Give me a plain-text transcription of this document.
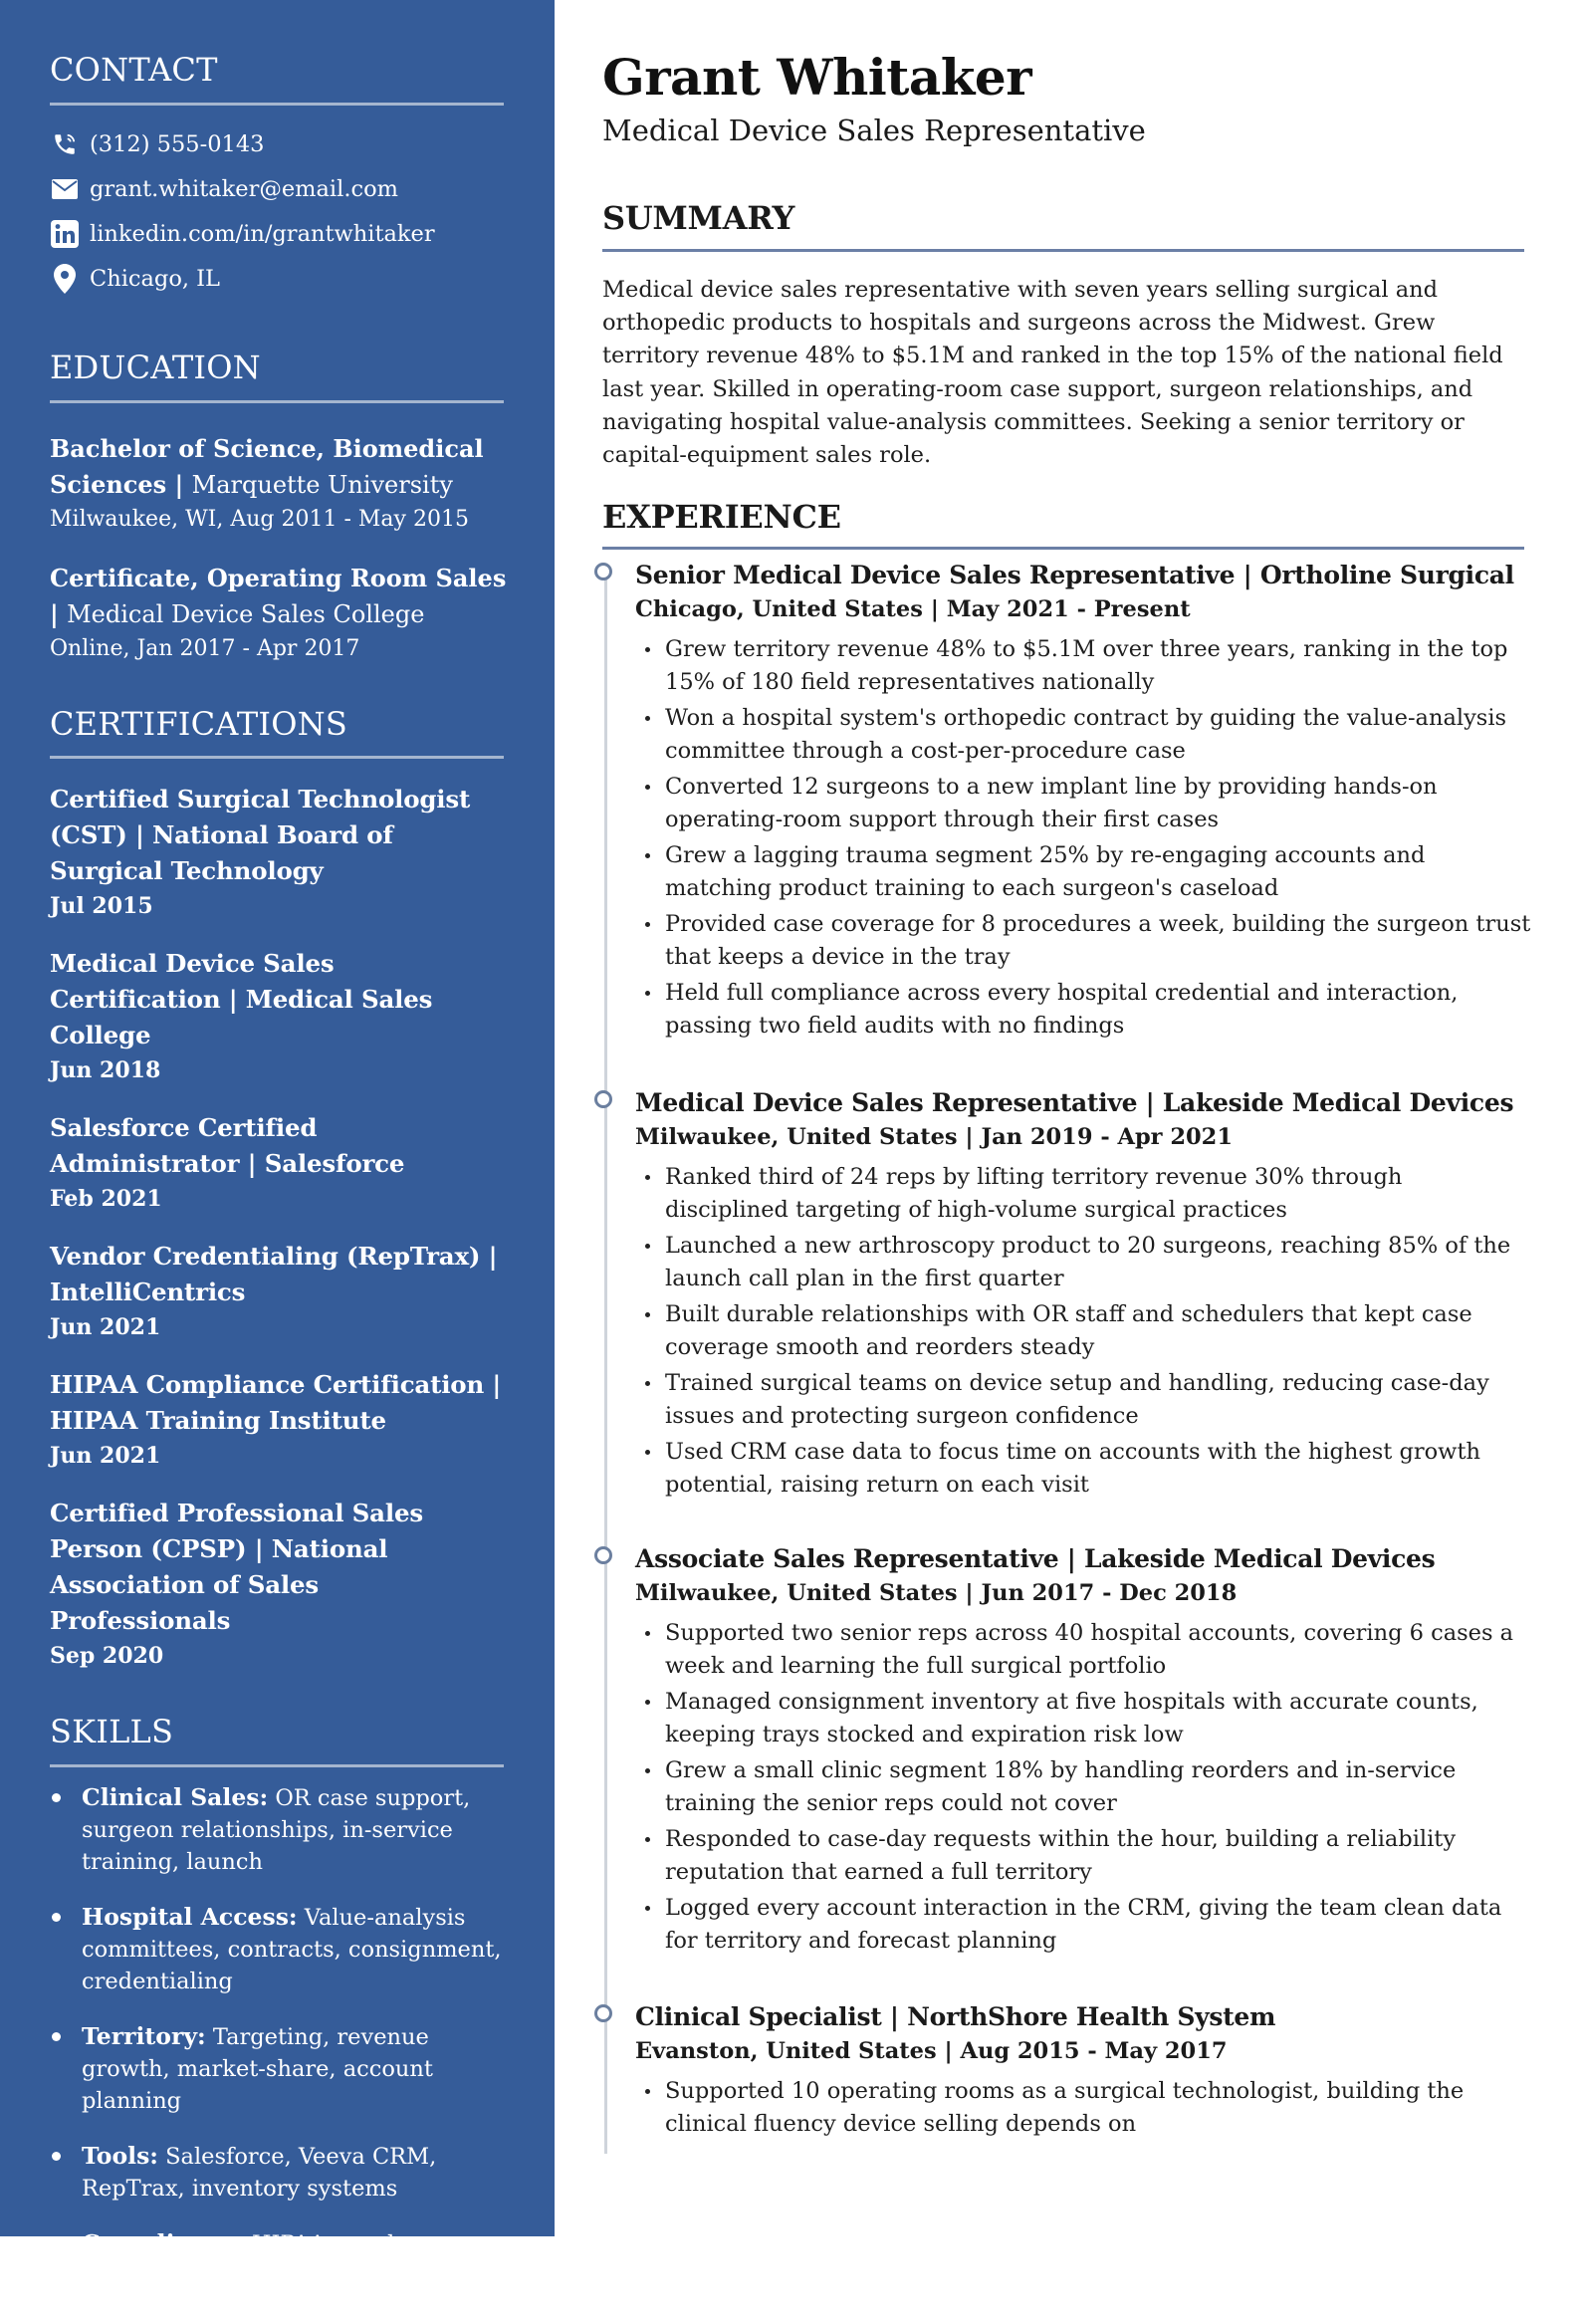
CONTACT
(312) 555-0143
grant.whitaker@email.com
linkedin.com/in/grantwhitaker
Chicago, IL
EDUCATION
Bachelor of Science, Biomedical Sciences | Marquette University
Milwaukee, WI, Aug 2011 - May 2015
Certificate, Operating Room Sales | Medical Device Sales College
Online, Jan 2017 - Apr 2017
CERTIFICATIONS
Certified Surgical Technologist (CST) | National Board of Surgical Technology
Jul 2015
Medical Device Sales Certification | Medical Sales College
Jun 2018
Salesforce Certified Administrator | Salesforce
Feb 2021
Vendor Credentialing (RepTrax) | IntelliCentrics
Jun 2021
HIPAA Compliance Certification | HIPAA Training Institute
Jun 2021
Certified Professional Sales Person (CPSP) | National Association of Sales Professionals
Sep 2020
SKILLS
Clinical Sales: OR case support, surgeon relationships, in-service training, launch
Hospital Access: Value-analysis committees, contracts, consignment, credentialing
Territory: Targeting, revenue growth, market-share, account planning
Tools: Salesforce, Veeva CRM, RepTrax, inventory systems
Compliance: HIPAA, vendor credentialing, sample and audit readiness
Grant Whitaker
Medical Device Sales Representative
SUMMARY

Medical device sales representative with seven years selling surgical and orthopedic products to hospitals and surgeons across the Midwest. Grew territory revenue 48% to $5.1M and ranked in the top 15% of the national field last year. Skilled in operating-room case support, surgeon relationships, and navigating hospital value-analysis committees. Seeking a senior territory or capital-equipment sales role.

EXPERIENCE
Senior Medical Device Sales Representative | Ortholine Surgical
Chicago, United States | May 2021 - Present
Grew territory revenue 48% to $5.1M over three years, ranking in the top 15% of 180 field representatives nationally
Won a hospital system's orthopedic contract by guiding the value-analysis committee through a cost-per-procedure case
Converted 12 surgeons to a new implant line by providing hands-on operating-room support through their first cases
Grew a lagging trauma segment 25% by re-engaging accounts and matching product training to each surgeon's caseload
Provided case coverage for 8 procedures a week, building the surgeon trust that keeps a device in the tray
Held full compliance across every hospital credential and interaction, passing two field audits with no findings
Medical Device Sales Representative | Lakeside Medical Devices
Milwaukee, United States | Jan 2019 - Apr 2021
Ranked third of 24 reps by lifting territory revenue 30% through disciplined targeting of high-volume surgical practices
Launched a new arthroscopy product to 20 surgeons, reaching 85% of the launch call plan in the first quarter
Built durable relationships with OR staff and schedulers that kept case coverage smooth and reorders steady
Trained surgical teams on device setup and handling, reducing case-day issues and protecting surgeon confidence
Used CRM case data to focus time on accounts with the highest growth potential, raising return on each visit
Associate Sales Representative | Lakeside Medical Devices
Milwaukee, United States | Jun 2017 - Dec 2018
Supported two senior reps across 40 hospital accounts, covering 6 cases a week and learning the full surgical portfolio
Managed consignment inventory at five hospitals with accurate counts, keeping trays stocked and expiration risk low
Grew a small clinic segment 18% by handling reorders and in-service training the senior reps could not cover
Responded to case-day requests within the hour, building a reliability reputation that earned a full territory
Logged every account interaction in the CRM, giving the team clean data for territory and forecast planning
Clinical Specialist | NorthShore Health System
Evanston, United States | Aug 2015 - May 2017
Supported 10 operating rooms as a surgical technologist, building the clinical fluency device selling depends on
